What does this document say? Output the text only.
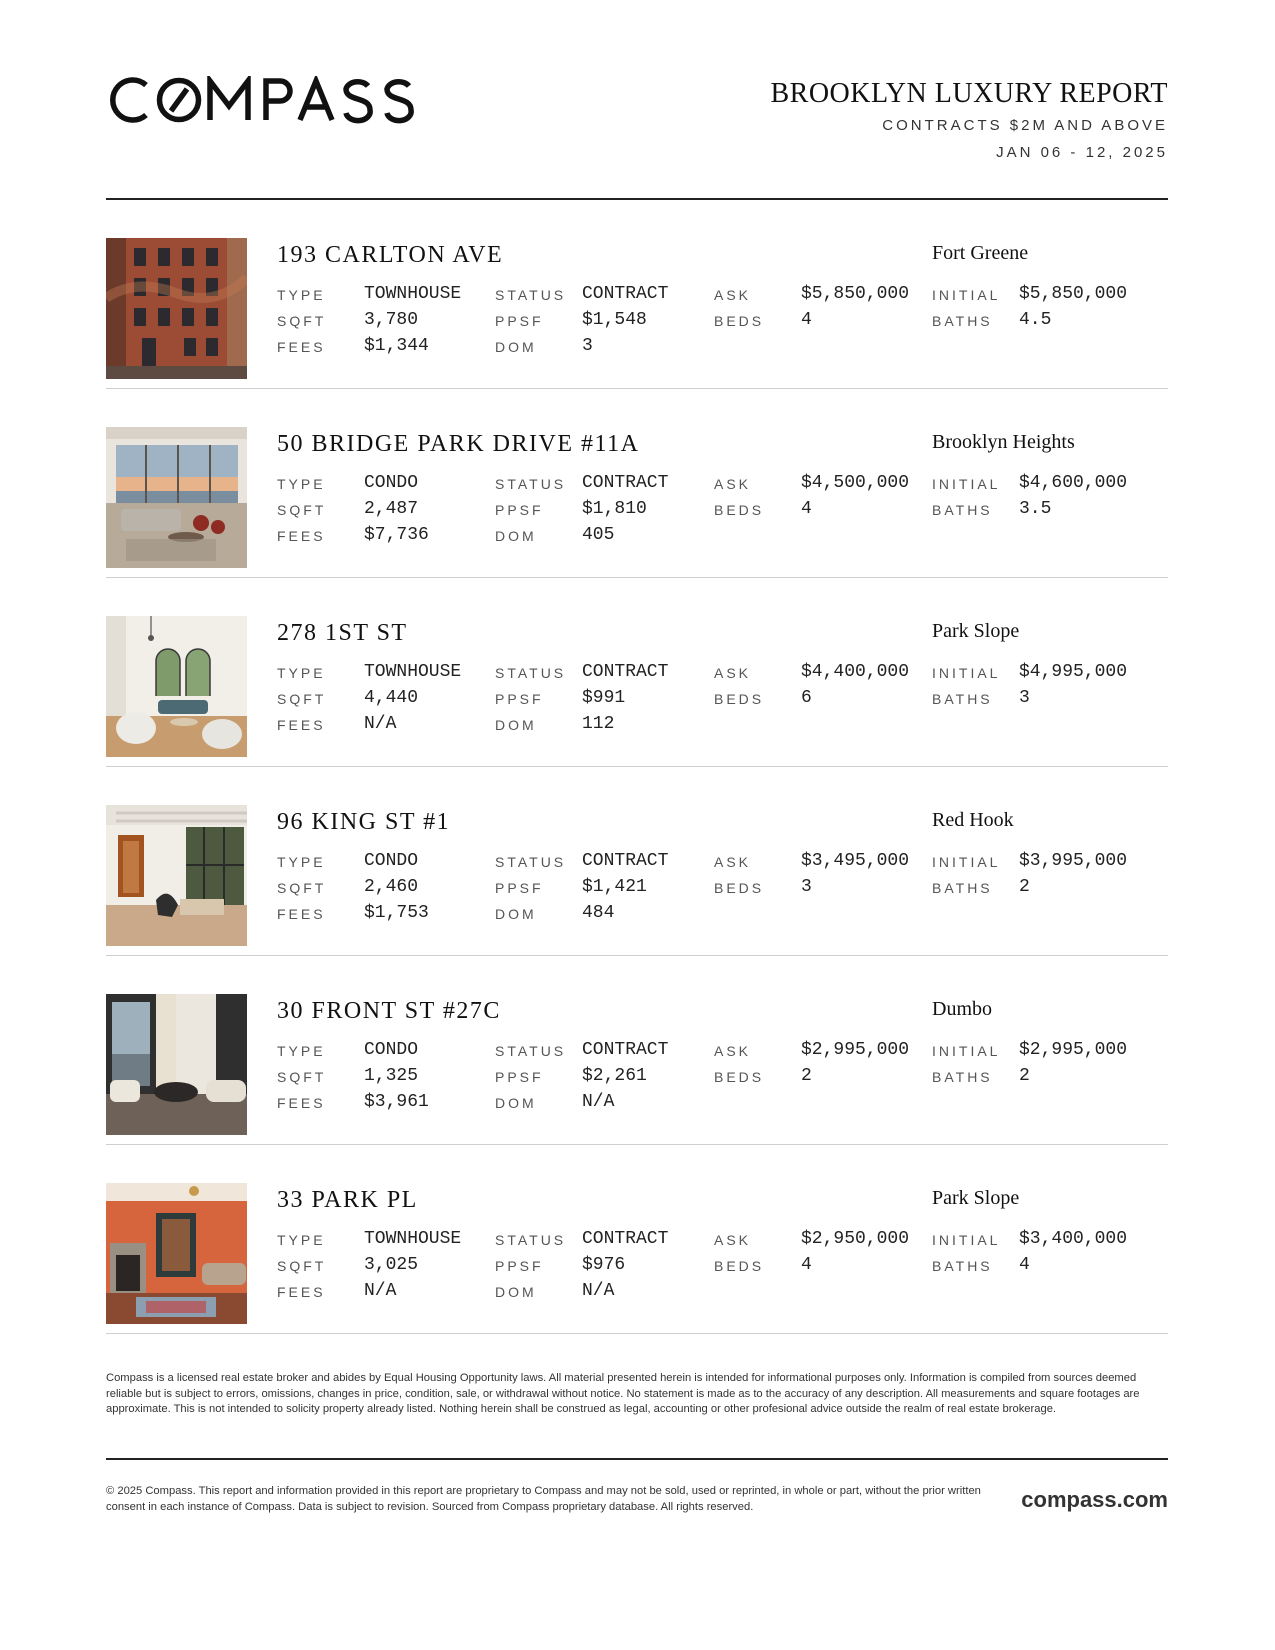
BROOKLYN LUXURY REPORT
CONTRACTS $2M AND ABOVE
JAN 06 - 12, 2025
193 CARLTON AVE	Fort Greene
TYPE TOWNHOUSE
SQFT 3,780
FEES $1,344
STATUS CONTRACT
PPSF $1,548
DOM	3
ASK	$5,850,000
BEDS 4
INITIAL $5,850,000
BATHS 4.5
50 BRIDGE PARK DRIVE #11A	Brooklyn Heights
TYPE CONDO
SQFT 2,487
FEES $7,736
STATUS CONTRACT
PPSF $1,810
DOM	405
ASK	$4,500,000
BEDS 4
INITIAL $4,600,000
BATHS 3.5
278 1ST ST	Park Slope
TYPE TOWNHOUSE
SQFT 4,440
FEES N/A
STATUS CONTRACT
PPSF $991
DOM	112
ASK	$4,400,000
BEDS 6
INITIAL $4,995,000
BATHS 3
96 KING ST #1	Red Hook
TYPE CONDO
SQFT 2,460
FEES $1,753
STATUS CONTRACT
PPSF $1,421
DOM	484
ASK	$3,495,000
BEDS 3
INITIAL $3,995,000
BATHS 2
30 FRONT ST #27C	Dumbo
TYPE CONDO
SQFT 1,325
FEES $3,961
STATUS CONTRACT
PPSF $2,261
DOM	N/A
ASK	$2,995,000
BEDS 2
INITIAL $2,995,000
BATHS 2
33 PARK PL	Park Slope
TYPE TOWNHOUSE
SQFT 3,025
FEES N/A
STATUS CONTRACT
PPSF $976
DOM	N/A
ASK	$2,950,000
BEDS 4
INITIAL $3,400,000
BATHS 4
Compass is a licensed real estate broker and abides by Equal Housing Opportunity laws. All material presented herein is intended for informational purposes only. Information is compiled from sources deemed reliable but is subject to errors, omissions, changes in price, condition, sale, or withdrawal without notice. No statement is made as to the accuracy of any description. All measurements and square footages are approximate. This is not intended to solicity property already listed. Nothing herein shall be construed as legal, accounting or other profesional advice outside the realm of real estate brokerage.
© 2025 Compass. This report and information provided in this report are proprietary to Compass and may not be sold, used or reprinted, in whole or part, without the prior written consent in each instance of Compass. Data is subject to revision. Sourced from Compass proprietary database. All rights reserved.	compass.com
